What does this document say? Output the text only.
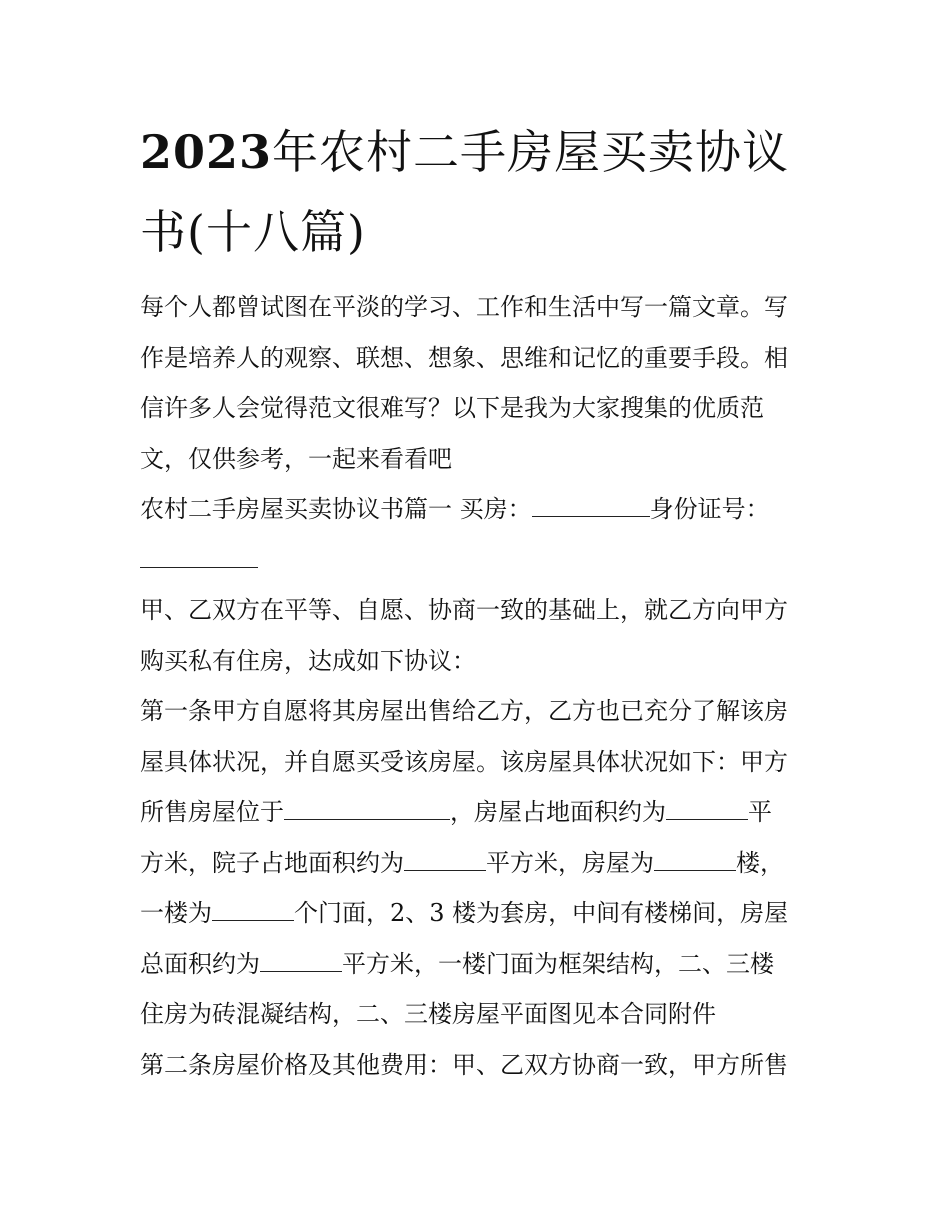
2023年农村二手房屋买卖协议
书(十八篇)
每个人都曾试图在平淡的学习、工作和生活中写一篇文章。写
作是培养人的观察、联想、想象、思维和记忆的重要手段。相
信许多人会觉得范文很难写？以下是我为大家搜集的优质范
文，仅供参考，一起来看看吧
农村二手房屋买卖协议书篇一 买房：	身份证号：
甲、乙双方在平等、自愿、协商一致的基础上，就乙方向甲方
购买私有住房，达成如下协议：
第一条甲方自愿将其房屋出售给乙方，乙方也已充分了解该房
屋具体状况，并自愿买受该房屋。该房屋具体状况如下：甲方
所售房屋位于	，房屋占地面积约为	平
方米，院子占地面积约为	平方米，房屋为	楼，
一楼为	个门面，2、3 楼为套房，中间有楼梯间，房屋
总面积约为	平方米，一楼门面为框架结构，二、三楼
住房为砖混凝结构，二、三楼房屋平面图见本合同附件
第二条房屋价格及其他费用：甲、乙双方协商一致，甲方所售
